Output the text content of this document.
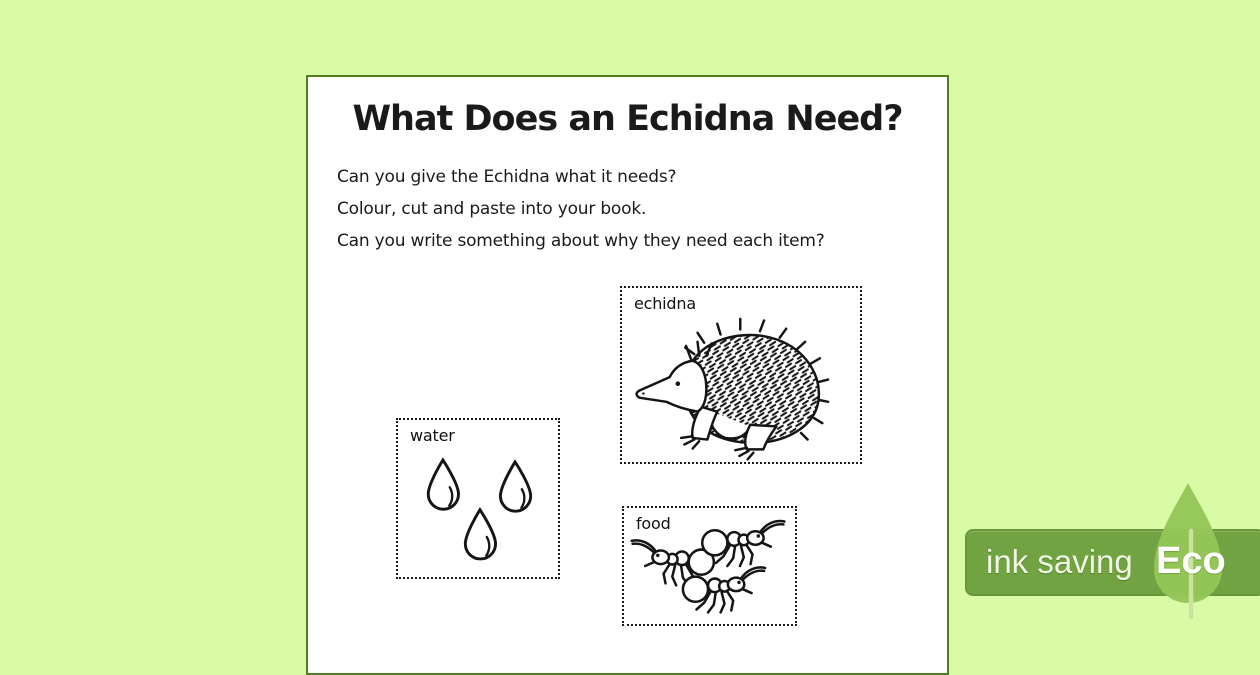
What Does an Echidna Need?

Can you give the Echidna what it needs?

Colour, cut and paste into your book.

Can you write something about why they need each item?

echidna
water
food
ink saving Eco
